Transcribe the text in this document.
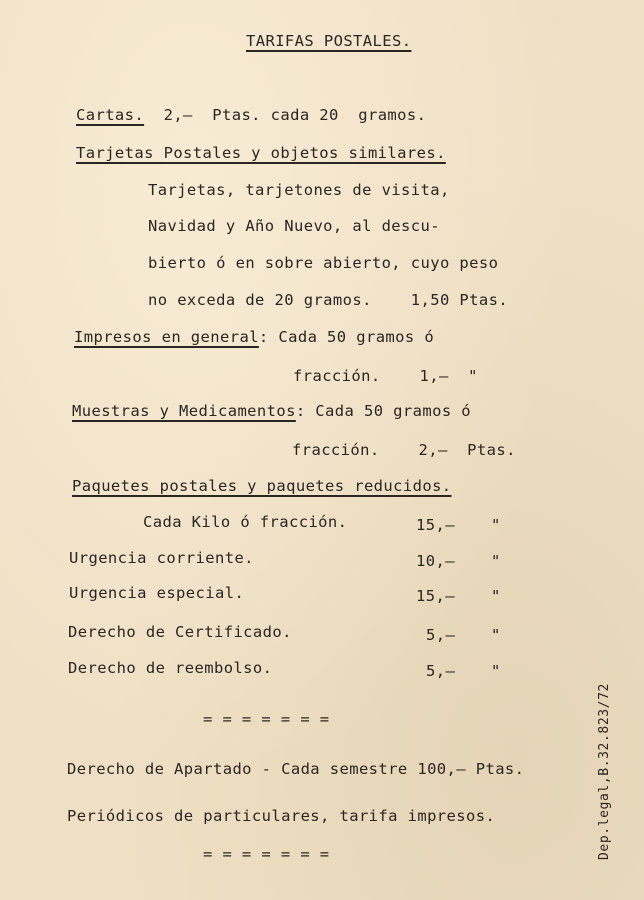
TARIFAS POSTALES.
Cartas. 2,—  Ptas. cada 20  gramos.
Tarjetas Postales y objetos similares.
Tarjetas, tarjetones de visita,
Navidad y Año Nuevo, al descu-
bierto ó en sobre abierto, cuyo peso
no exceda de 20 gramos.    1,50 Ptas.
Impresos en general: Cada 50 gramos ó
fracción.    1,—  "
Muestras y Medicamentos: Cada 50 gramos ó
fracción.    2,—  Ptas.
Paquetes postales y paquetes reducidos.
Cada Kilo ó fracción.	15,— "
Urgencia corriente.	10,— "
Urgencia especial.	15,— "
Derecho de Certificado.	5,— "
Derecho de reembolso.	5,— "
= = = = = = =
Derecho de Apartado - Cada semestre 100,— Ptas.
Periódicos de particulares, tarifa impresos.
= = = = = = =	Dep.legal,B.32.823/72
